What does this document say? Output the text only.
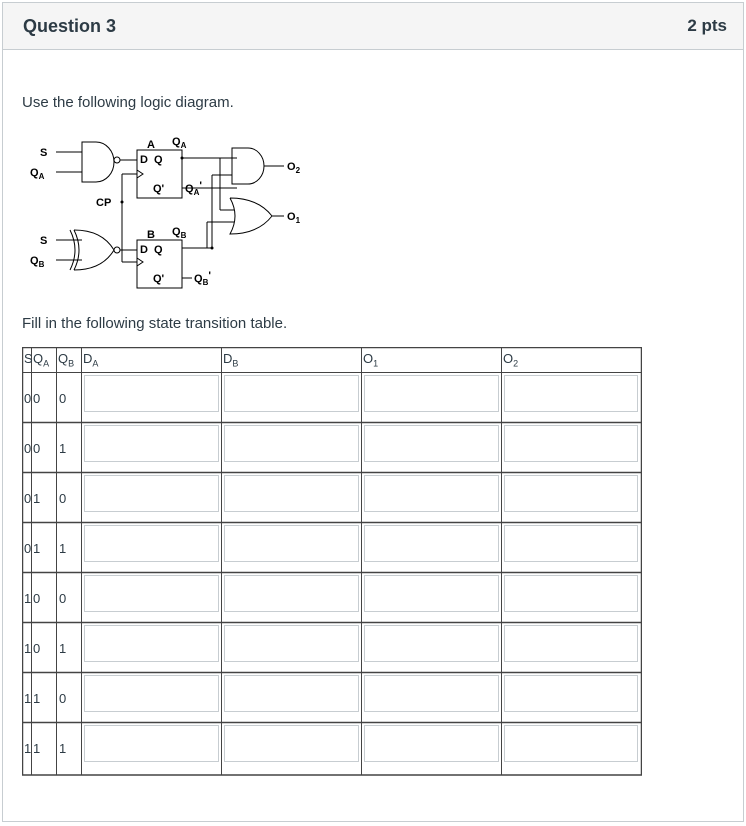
Question 3	2 pts
Use the following logic diagram.
S
$Q_A$
S
$Q_B$
CP
A
D Q
Q'
$Q_A$
$Q_A'$
B
D Q
Q'
$Q_B$
$Q_B'$
$O_2$
$O_1$
Fill in the following state transition table.
S $Q_A$ $Q_B$ $D_A$	$D_B$	$O_1$	$O_2$
0 0 0
0 0 1
0 1 0
0 1 1
1 0 0
1 0 1
1 1 0
1 1 1
